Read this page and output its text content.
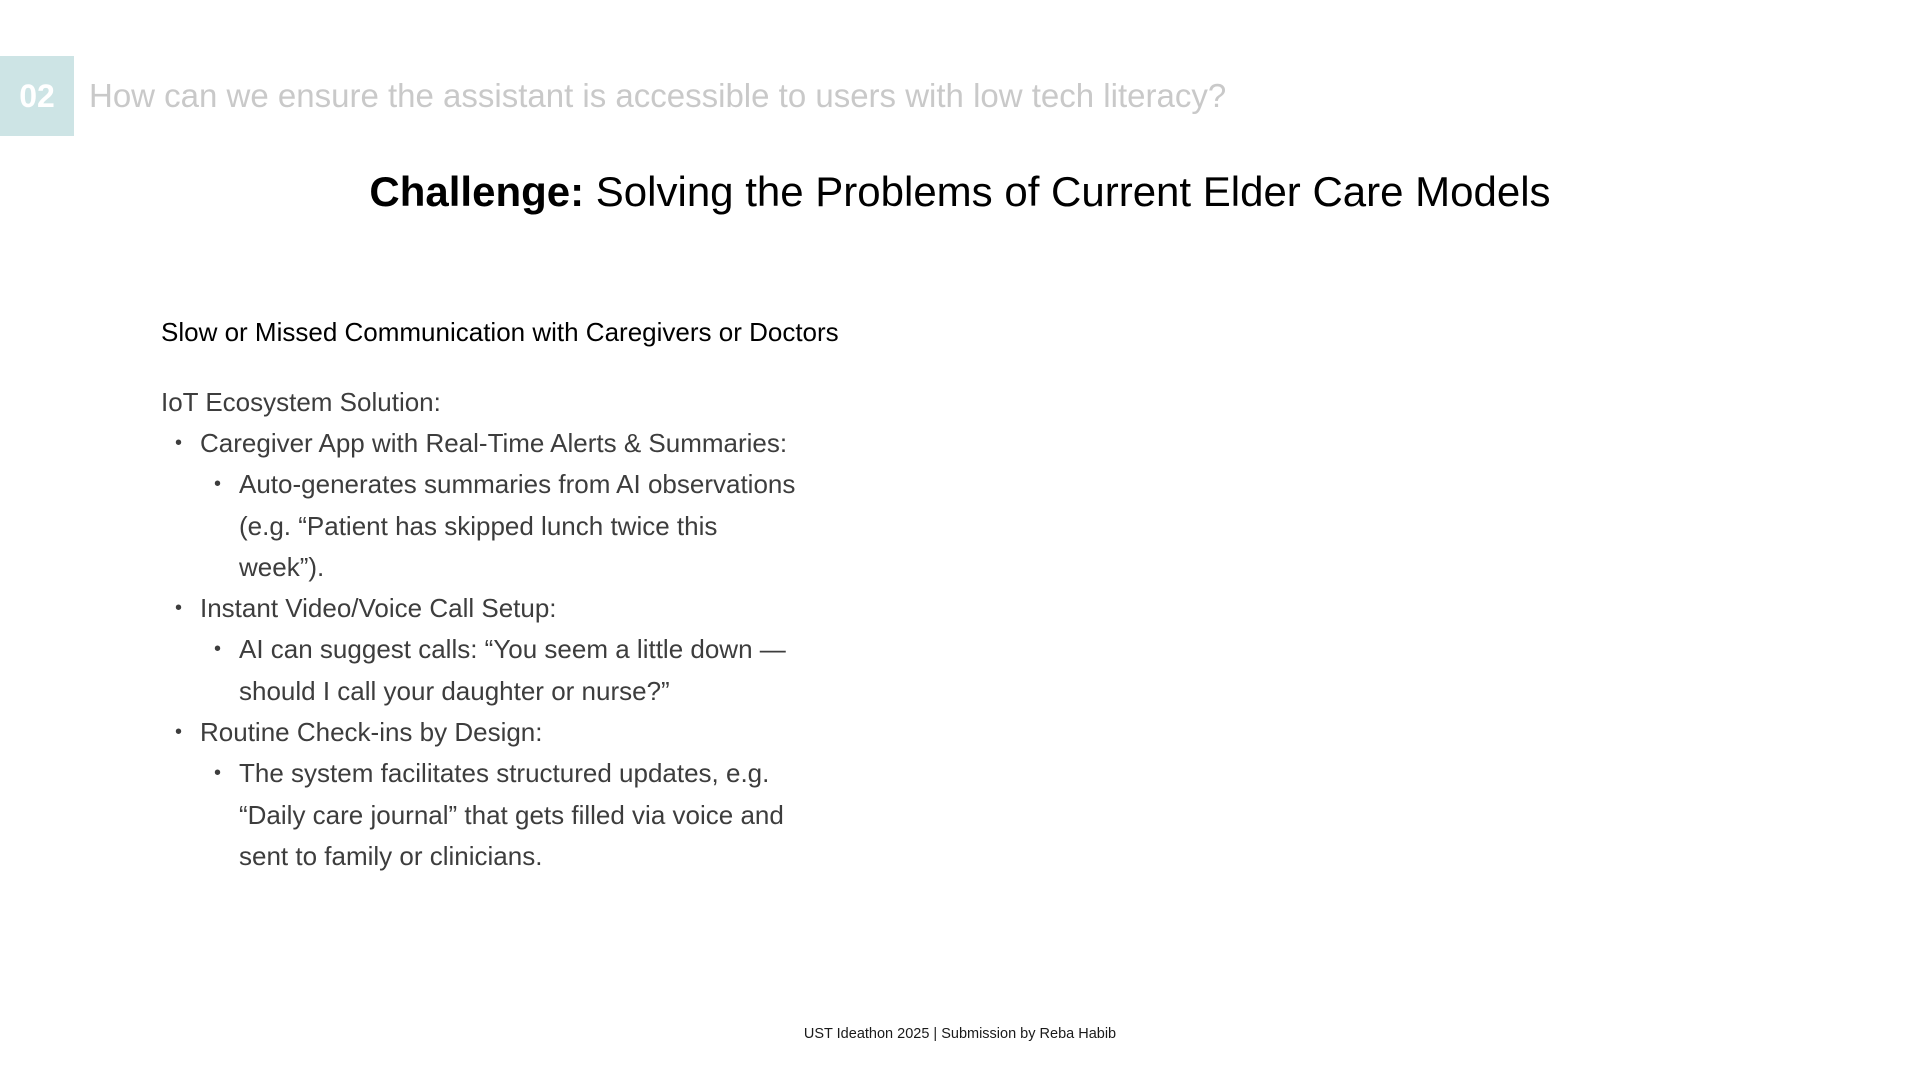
02	How can we ensure the assistant is accessible to users with low tech literacy?
Challenge: Solving the Problems of Current Elder Care Models

Slow or Missed Communication with Caregivers or Doctors

IoT Ecosystem Solution:

• Caregiver App with Real-Time Alerts & Summaries:
• Auto-generates summaries from AI observations (e.g. “Patient has skipped lunch twice this week”).
• Instant Video/Voice Call Setup:
• AI can suggest calls: “You seem a little down — should I call your daughter or nurse?”
• Routine Check-ins by Design:
• The system facilitates structured updates, e.g. “Daily care journal” that gets filled via voice and sent to family or clinicians.
UST Ideathon 2025 | Submission by Reba Habib
